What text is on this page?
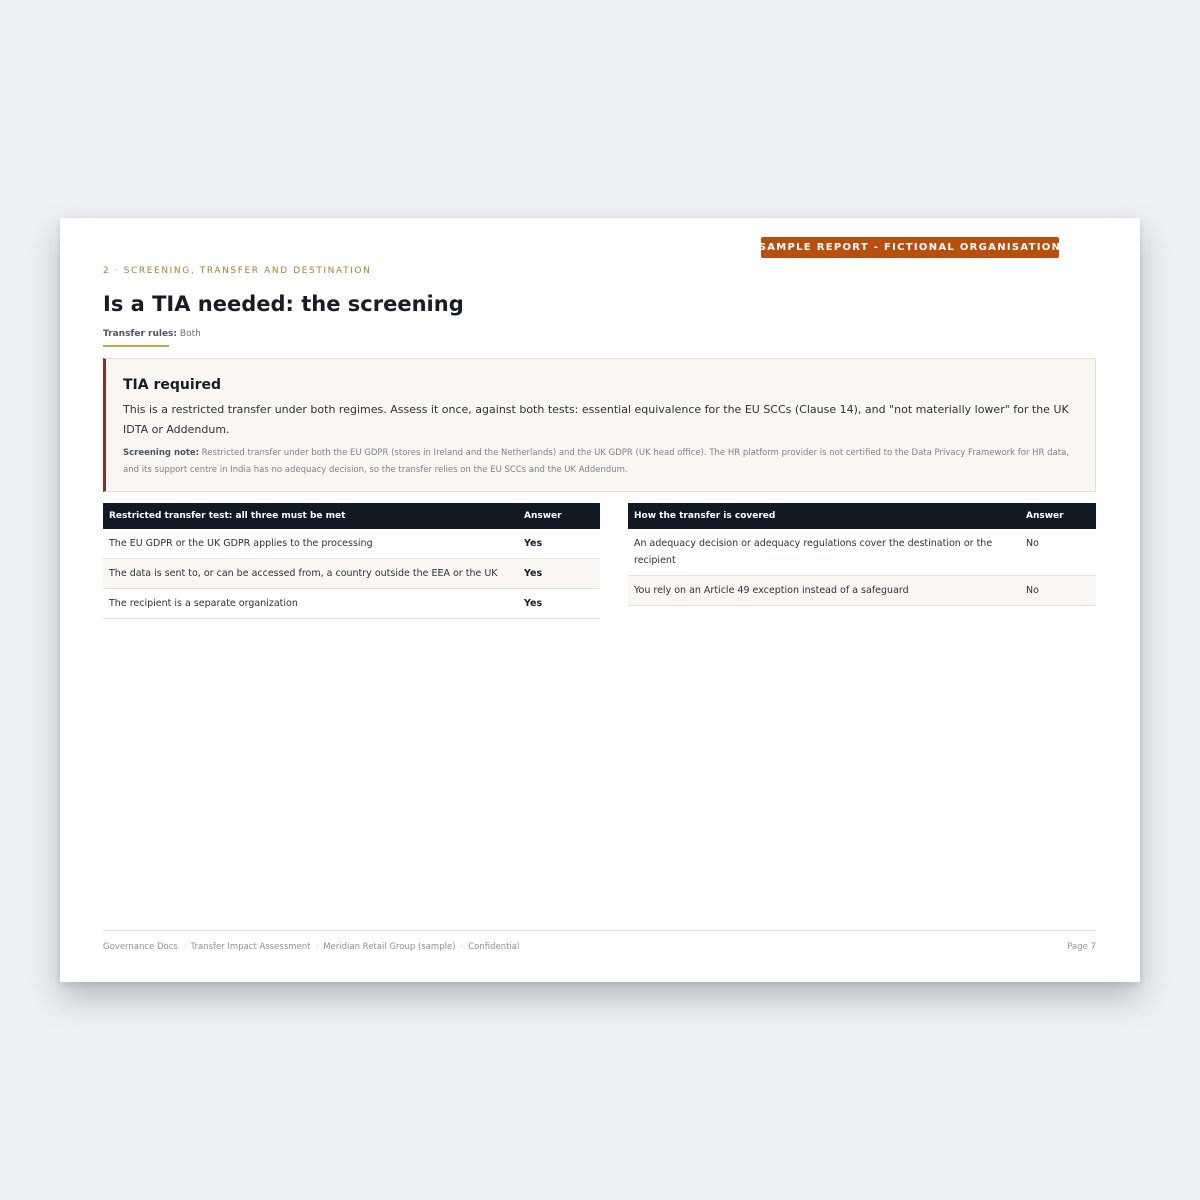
SAMPLE REPORT - FICTIONAL ORGANISATION
2 · SCREENING, TRANSFER AND DESTINATION
Is a TIA needed: the screening
Transfer rules: Both
TIA required

This is a restricted transfer under both regimes. Assess it once, against both tests: essential equivalence for the EU SCCs (Clause 14), and "not materially lower" for the UK IDTA or Addendum.

Screening note: Restricted transfer under both the EU GDPR (stores in Ireland and the Netherlands) and the UK GDPR (UK head office). The HR platform provider is not certified to the Data Privacy Framework for HR data, and its support centre in India has no adequacy decision, so the transfer relies on the EU SCCs and the UK Addendum.

Restricted transfer test: all three must be met	Answer
The EU GDPR or the UK GDPR applies to the processing	Yes
The data is sent to, or can be accessed from, a country outside the EEA or the UK	Yes
The recipient is a separate organization	Yes
How the transfer is covered	Answer
An adequacy decision or adequacy regulations cover the destination or the recipient	No
You rely on an Article 49 exception instead of a safeguard	No
Governance Docs · Transfer Impact Assessment · Meridian Retail Group (sample) · Confidential	Page 7
